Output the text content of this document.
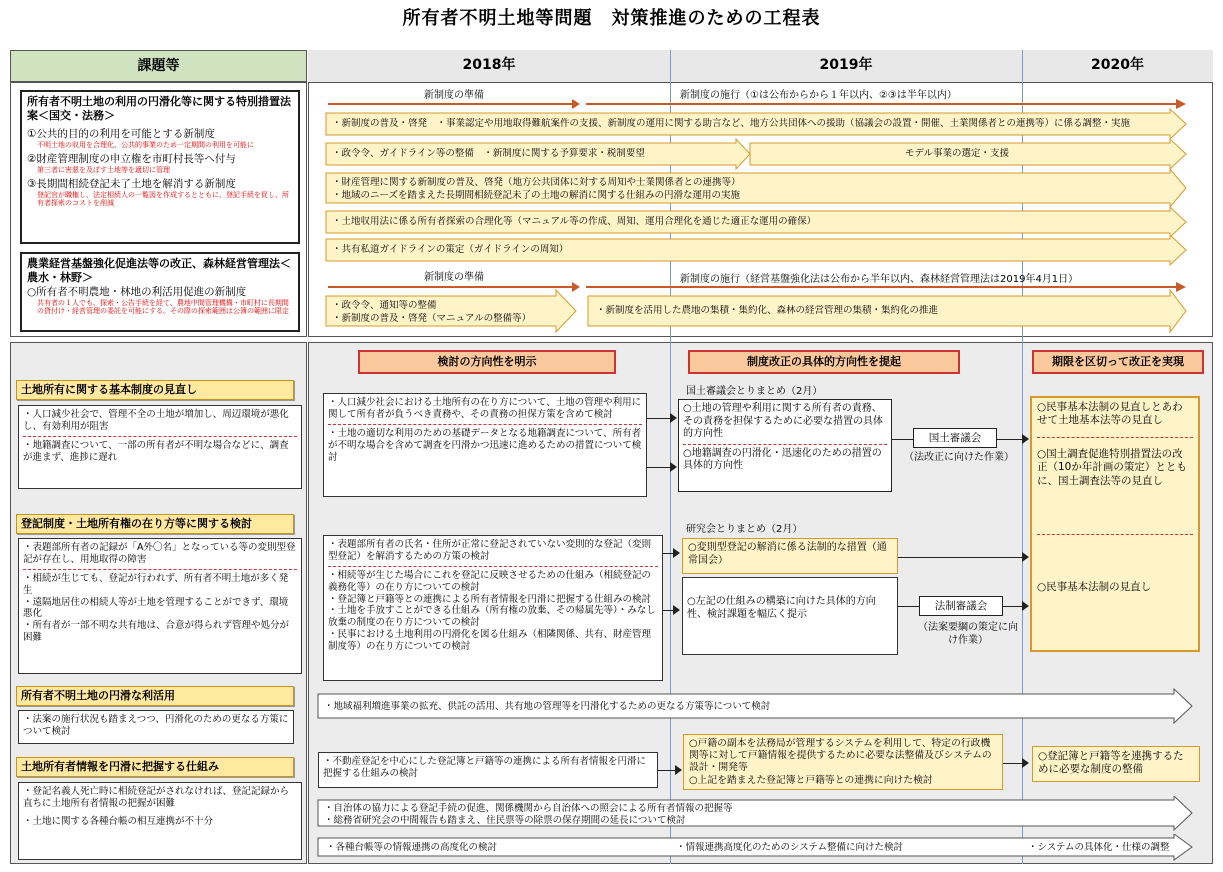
所有者不明土地等問題　対策推進のための工程表
課題等	2018年	2019年	2020年
所有者不明土地の利用の円滑化等に関する特別措置法案＜国交・法務＞
①公共的目的の利用を可能とする新制度
不明土地の収用を合理化、公共的事業のため一定期間の利用を可能に
②財産管理制度の申立権を市町村長等へ付与
第三者に害悪を及ぼす土地等を適切に管理
③長期間相続登記未了土地を解消する新制度
登記官が職権し、法定相続人の一覧図を作成するとともに、登記手続を促し、所有者探索のコストを削減
農業経営基盤強化促進法等の改正、森林経営管理法＜農水・林野＞
○所有者不明農地・林地の利活用促進の新制度
共有者の１人でも、探索・公告手続を経て、農地中間管理機構・市町村に長期間の貸付け・経営管理の委託を可能にする。その際の探索範囲は公簿の範囲に限定
新制度の準備	新制度の施行（①は公布からから１年以内、②③は半年以内）
・新制度の普及・啓発　・事業認定や用地取得難航案件の支援、新制度の運用に関する助言など、地方公共団体への援助（協議会の設置・開催、土業関係者との連携等）に係る調整・実施
・政令令、ガイドライン等の整備　・新制度に関する予算要求・税制要望	モデル事業の選定・支援
・財産管理に関する新制度の普及、啓発（地方公共団体に対する周知や士業関係者との連携等）
・地域のニーズを踏まえた長期間相続登記未了の土地の解消に関する仕組みの円滑な運用の実施
・土地収用法に係る所有者探索の合理化等（マニュアル等の作成、周知、運用合理化を通じた適正な運用の確保）
・共有私道ガイドラインの策定（ガイドラインの周知）
新制度の準備	新制度の施行（経営基盤強化法は公布から半年以内、森林経営管理法は2019年4月1日）
・政令令、通知等の整備
・新制度の普及・啓発（マニュアルの整備等）
・新制度を活用した農地の集積・集約化、森林の経営管理の集積・集約化の推進
検討の方向性を明示	制度改正の具体的方向性を提起	期限を区切って改正を実現
土地所有に関する基本制度の見直し
・人口減少社会で、管理不全の土地が増加し、周辺環境が悪化し、有効利用が阻害
・地籍調査について、一部の所有者が不明な場合などに、調査が進まず、進捗に遅れ
登記制度・土地所有権の在り方等に関する検討
・表題部所有者の記録が「A外〇名」となっている等の変則型登記が存在し、用地取得の障害
・相続が生じても、登記が行われず、所有者不明土地が多く発生
・遠隔地居住の相続人等が土地を管理することができず、環境悪化
・所有者が一部不明な共有地は、合意が得られず管理や処分が困難
所有者不明土地の円滑な利活用
・法案の施行状況も踏まえつつ、円滑化のための更なる方策について検討
土地所有者情報を円滑に把握する仕組み
・登記名義人死亡時に相続登記がされなければ、登記記録から直ちに土地所有者情報の把握が困難
・土地に関する各種台帳の相互連携が不十分
・人口減少社会における土地所有の在り方について、土地の管理や利用に関して所有者が負うべき責務や、その責務の担保方策を含めて検討
・土地の適切な利用のための基礎データとなる地籍調査について、所有者が不明な場合を含めて調査を円滑かつ迅速に進めるための措置について検討
国土審議会とりまとめ（2月）
○土地の管理や利用に関する所有者の責務、その責務を担保するために必要な措置の具体的方向性
○地籍調査の円滑化・迅速化のための措置の具体的方向性
国土審議会
（法改正に向けた作業）
○民事基本法制の見直しとあわせて土地基本法等の見直し
○国土調査促進特別措置法の改正（10か年計画の策定）とともに、国土調査法等の見直し
○民事基本法制の見直し
・表題部所有者の氏名・住所が正常に登記されていない変則的な登記（変則型登記）を解消するための方策の検討
・相続等が生じた場合にこれを登記に反映させるための仕組み（相続登記の義務化等）の在り方についての検討
・登記簿と戸籍等との連携による所有者情報を円滑に把握する仕組みの検討
・土地を手放すことができる仕組み（所有権の放棄、その帰属先等）・みなし放棄の制度の在り方についての検討
・民事における土地利用の円滑化を図る仕組み（相隣関係、共有、財産管理制度等）の在り方についての検討
研究会とりまとめ（2月）
○変則型登記の解消に係る法制的な措置（通常国会）
○左記の仕組みの構築に向けた具体的方向性、検討課題を幅広く提示
法制審議会
（法案要綱の策定に向け作業）
・地域福利増進事業の拡充、供託の活用、共有地の管理等を円滑化するための更なる方策等について検討
・不動産登記を中心にした登記簿と戸籍等の連携による所有者情報を円滑に把握する仕組みの検討
○戸籍の副本を法務局が管理するシステムを利用して、特定の行政機関等に対して戸籍情報を提供するために必要な法整備及びシステムの設計・開発等
○上記を踏まえた登記簿と戸籍等との連携に向けた検討
○登記簿と戸籍等を連携するために必要な制度の整備
・自治体の協力による登記手続の促進、関係機関から自治体への照会による所有者情報の把握等
・総務省研究会の中間報告も踏まえ、住民票等の除票の保存期間の延長について検討
・各種台帳等の情報連携の高度化の検討	・情報連携高度化のためのシステム整備に向けた検討	・システムの具体化・仕様の調整
